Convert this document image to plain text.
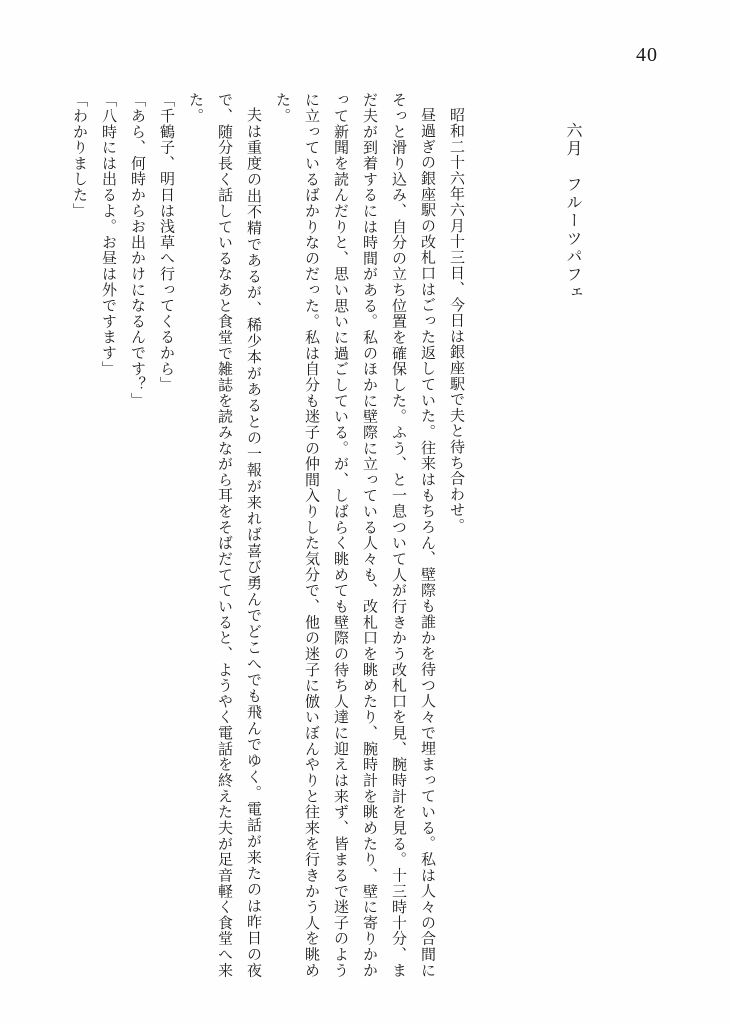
40
六月　フルーツパフェ

昭和二十六年六月十三日、今日は銀座駅で夫と待ち合わせ。

昼過ぎの銀座駅の改札口はごった返していた。往来はもちろん、壁際も誰かを待つ人々で埋まっている。私は人々の合間にそっと滑り込み、自分の立ち位置を確保した。ふう、と一息ついて人が行きかう改札口を見、腕時計を見る。十三時十分、まだ夫が到着するには時間がある。私のほかに壁際に立っている人々も、改札口を眺めたり、腕時計を眺めたり、壁に寄りかかって新聞を読んだりと、思い思いに過ごしている。が、しばらく眺めても壁際の待ち人達に迎えは来ず、皆まるで迷子のように立っているばかりなのだった。私は自分も迷子の仲間入りした気分で、他の迷子に倣いぼんやりと往来を行きかう人を眺めた。

夫は重度の出不精であるが、稀少本があるとの一報が来れば喜び勇んでどこへでも飛んでゆく。電話が来たのは昨日の夜で、随分長く話しているなあと食堂で雑誌を読みながら耳をそばだてていると、ようやく電話を終えた夫が足音軽く食堂へ来た。

「千鶴子、明日は浅草へ行ってくるから」

「あら、何時からお出かけになるんです？」

「八時には出るよ。お昼は外ですます」

「わかりました」
